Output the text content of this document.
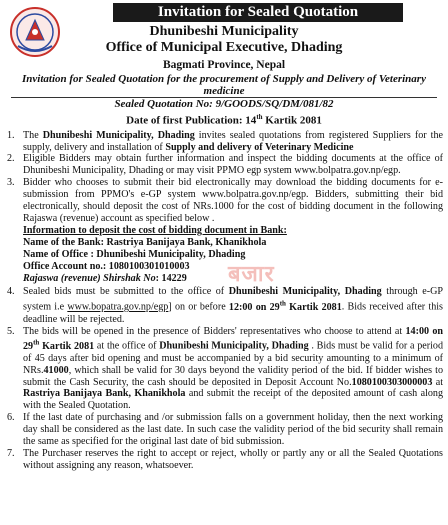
Invitation for Sealed Quotation
Dhunibeshi Municipality
Office of Municipal Executive, Dhading
Bagmati Province, Nepal
Invitation for Sealed Quotation for the procurement of Supply and Delivery of Veterinary medicine
Sealed Quotation No: 9/GOODS/SQ/DM/081/82
Date of first Publication: 14th Kartik 2081
1. The Dhunibeshi Municipality, Dhading invites sealed quotations from registered Suppliers for the supply, delivery and installation of Supply and delivery of Veterinary Medicine
2. Eligible Bidders may obtain further information and inspect the bidding documents at the office of Dhunibeshi Municipality, Dhading or may visit PPMO egp system www.bolpatra.gov.np/egp.
3. Bidder who chooses to submit their bid electronically may download the bidding documents for e-submission from PPMO's e-GP system www.bolpatra.gov.np/egp. Bidders, submitting their bid electronically, should deposit the cost of NRs.1000 for the cost of bidding document in the following Rajaswa (revenue) account as specified below .
Information to deposit the cost of bidding document in Bank:
Name of the Bank: Rastriya Banijaya Bank, Khanikhola
Name of Office : Dhunibeshi Municipality, Dhading
Office Account no.: 1080100301010003
Rajaswa (revenue) Shirshak No: 14229
4. Sealed bids must be submitted to the office of Dhunibeshi Municipality, Dhading through e-GP system i.e www.bopatra.gov.np/egp] on or before 12:00 on 29th Kartik 2081. Bids received after this deadline will be rejected.
5. The bids will be opened in the presence of Bidders' representatives who choose to attend at 14:00 on 29th Kartik 2081 at the office of Dhunibeshi Municipality, Dhading . Bids must be valid for a period of 45 days after bid opening and must be accompanied by a bid security amounting to a minimum of NRs.41000, which shall be valid for 30 days beyond the validity period of the bid. If bidder wishes to submit the Cash Security, the cash should be deposited in Deposit Account No.1080100303000003 at Rastriya Banijaya Bank, Khanikhola and submit the receipt of the deposited amount of cash along with the Sealed Quotation.
6. If the last date of purchasing and /or submission falls on a government holiday, then the next working day shall be considered as the last date. In such case the validity period of the bid security shall remain the same as specified for the original last date of bid submission.
7. The Purchaser reserves the right to accept or reject, wholly or partly any or all the Sealed Quotations without assigning any reason, whatsoever.
बजार
